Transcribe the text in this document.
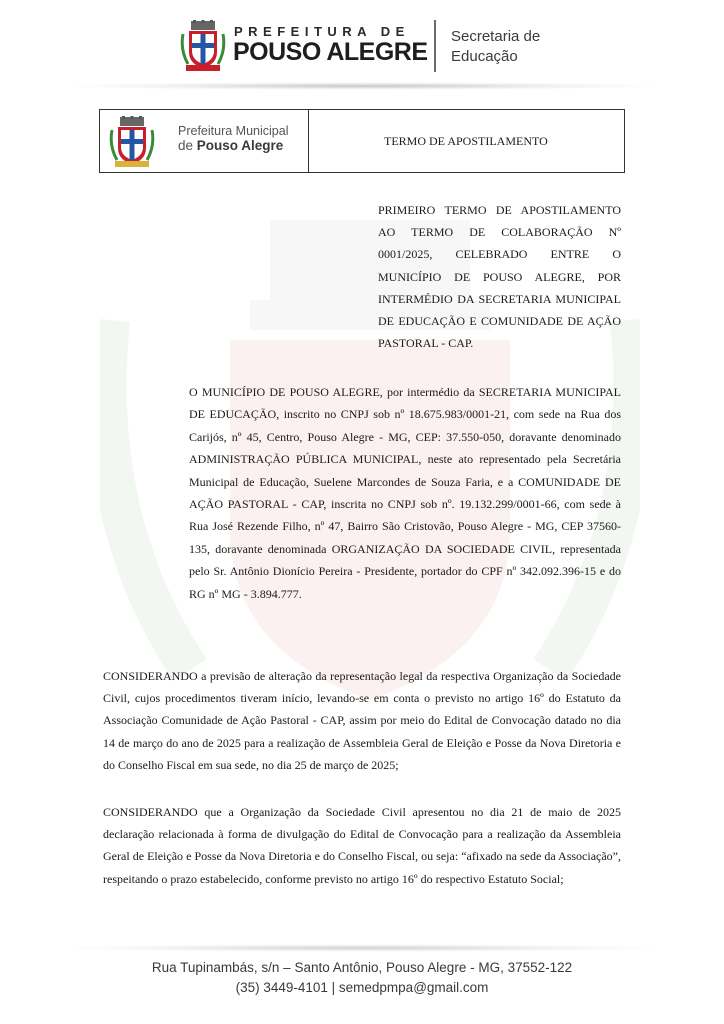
PREFEITURA DE
POUSO ALEGRE
Secretaria de
Educação
Prefeitura Municipal
de Pouso Alegre	TERMO DE APOSTILAMENTO

PRIMEIRO TERMO DE APOSTILAMENTO AO TERMO DE COLABORAÇÃO Nº 0001/2025, CELEBRADO ENTRE O MUNICÍPIO DE POUSO ALEGRE, POR INTERMÉDIO DA SECRETARIA MUNICIPAL DE EDUCAÇÃO E COMUNIDADE DE AÇÃO PASTORAL - CAP.

O MUNICÍPIO DE POUSO ALEGRE, por intermédio da SECRETARIA MUNICIPAL DE EDUCAÇÃO, inscrito no CNPJ sob nº 18.675.983/0001-21, com sede na Rua dos Carijós, nº 45, Centro, Pouso Alegre - MG, CEP: 37.550-050, doravante denominado ADMINISTRAÇÃO PÚBLICA MUNICIPAL, neste ato representado pela Secretária Municipal de Educação, Suelene Marcondes de Souza Faria, e a COMUNIDADE DE AÇÃO PASTORAL - CAP, inscrita no CNPJ sob nº. 19.132.299/0001-66, com sede à Rua José Rezende Filho, nº 47, Bairro São Cristovão, Pouso Alegre - MG, CEP 37560-135, doravante denominada ORGANIZAÇÃO DA SOCIEDADE CIVIL, representada pelo Sr. Antônio Dionício Pereira - Presidente, portador do CPF nº 342.092.396-15 e do RG nº MG - 3.894.777.

CONSIDERANDO a previsão de alteração da representação legal da respectiva Organização da Sociedade Civil, cujos procedimentos tiveram início, levando-se em conta o previsto no artigo 16º do Estatuto da Associação Comunidade de Ação Pastoral - CAP, assim por meio do Edital de Convocação datado no dia 14 de março do ano de 2025 para a realização de Assembleia Geral de Eleição e Posse da Nova Diretoria e do Conselho Fiscal em sua sede, no dia 25 de março de 2025;

CONSIDERANDO que a Organização da Sociedade Civil apresentou no dia 21 de maio de 2025 declaração relacionada à forma de divulgação do Edital de Convocação para a realização da Assembleia Geral de Eleição e Posse da Nova Diretoria e do Conselho Fiscal, ou seja: “afixado na sede da Associação”, respeitando o prazo estabelecido, conforme previsto no artigo 16º do respectivo Estatuto Social;

Rua Tupinambás, s/n – Santo Antônio, Pouso Alegre - MG, 37552-122
(35) 3449-4101 | semedpmpa@gmail.com
